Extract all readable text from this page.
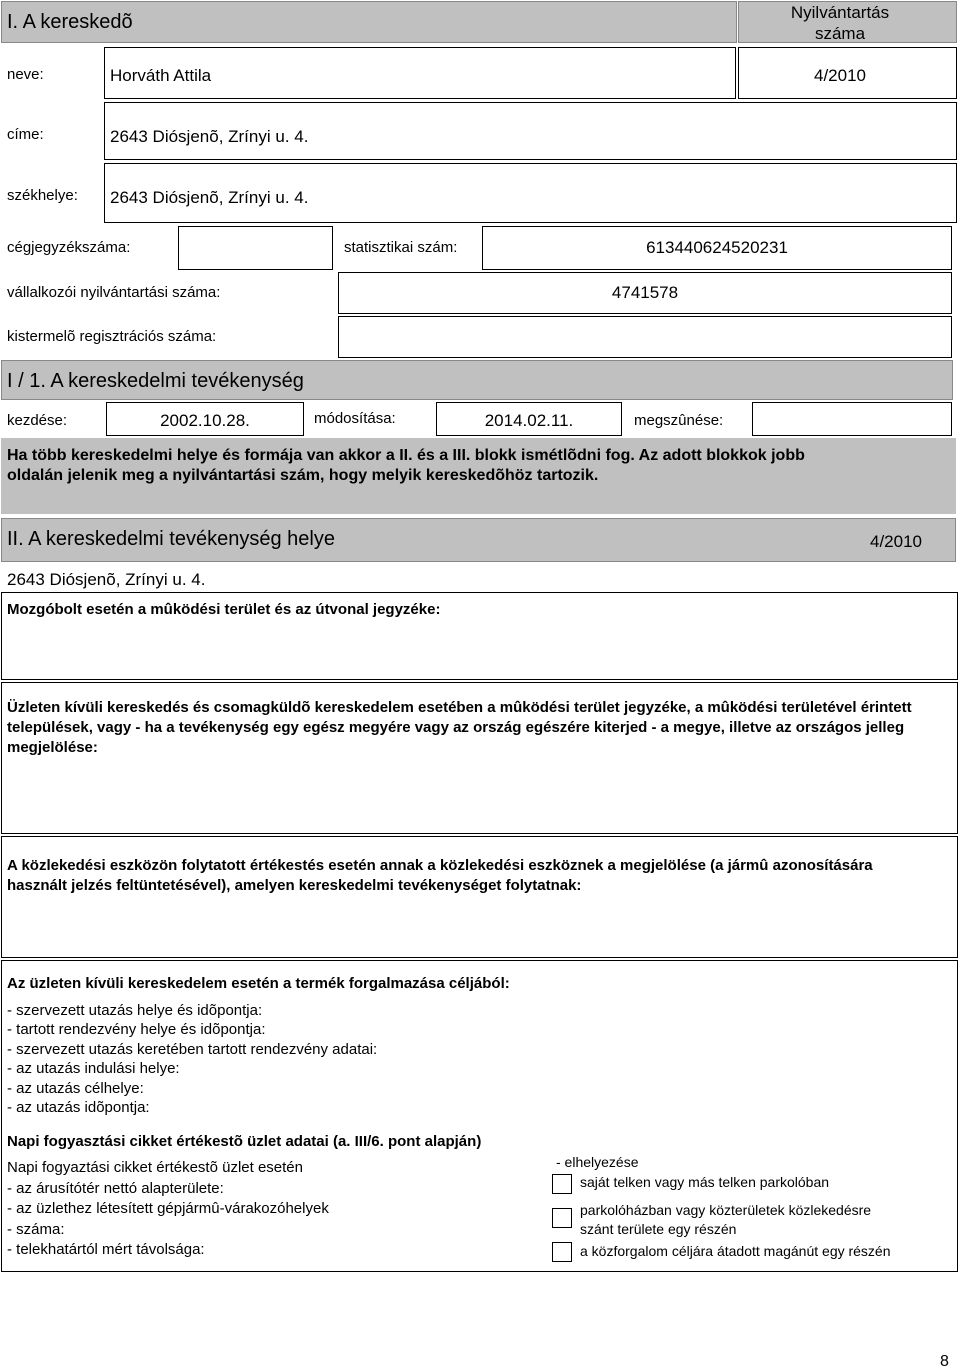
I. A kereskedõ	Nyilvántartás
száma
neve:	Horváth Attila	4/2010
címe:	2643 Diósjenõ, Zrínyi u. 4.
székhelye: 2643 Diósjenõ, Zrínyi u. 4.
cégjegyzékszáma:	statisztikai szám:	613440624520231
vállalkozói nyilvántartási száma:	4741578
kistermelõ regisztrációs száma:
I / 1. A kereskedelmi tevékenység
kezdése:	2002.10.28.	módosítása:	2014.02.11.	megszûnése:
Ha több kereskedelmi helye és formája van akkor a II. és a III. blokk ismétlõdni fog. Az adott blokkok jobb oldalán jelenik meg a nyilvántartási szám, hogy melyik kereskedõhöz tartozik.
II. A kereskedelmi tevékenység helye	4/2010
2643 Diósjenõ, Zrínyi u. 4.
Mozgóbolt esetén a mûködési terület és az útvonal jegyzéke:
Üzleten kívüli kereskedés és csomagküldõ kereskedelem esetében a mûködési terület jegyzéke, a mûködési területével érintett települések, vagy - ha a tevékenység egy egész megyére vagy az ország egészére kiterjed - a megye, illetve az országos jelleg megjelölése:
A közlekedési eszközön folytatott értékestés esetén annak a közlekedési eszköznek a megjelölése (a jármû azonosítására használt jelzés feltüntetésével), amelyen kereskedelmi tevékenységet folytatnak:
Az üzleten kívüli kereskedelem esetén a termék forgalmazása céljából:
- szervezett utazás helye és idõpontja:
- tartott rendezvény helye és idõpontja:
- szervezett utazás keretében tartott rendezvény adatai:
- az utazás indulási helye:
- az utazás célhelye:
- az utazás idõpontja:
Napi fogyasztási cikket értékestõ üzlet adatai (a. III/6. pont alapján)
Napi fogyaztási cikket értékestõ üzlet esetén
- az árusítótér nettó alapterülete:
- az üzlethez létesített gépjármû-várakozóhelyek
- száma:
- telekhatártól mért távolsága:
- elhelyezése
saját telken vagy más telken parkolóban
parkolóházban vagy közterületek közlekedésre
szánt területe egy részén
a közforgalom céljára átadott magánút egy részén
8
